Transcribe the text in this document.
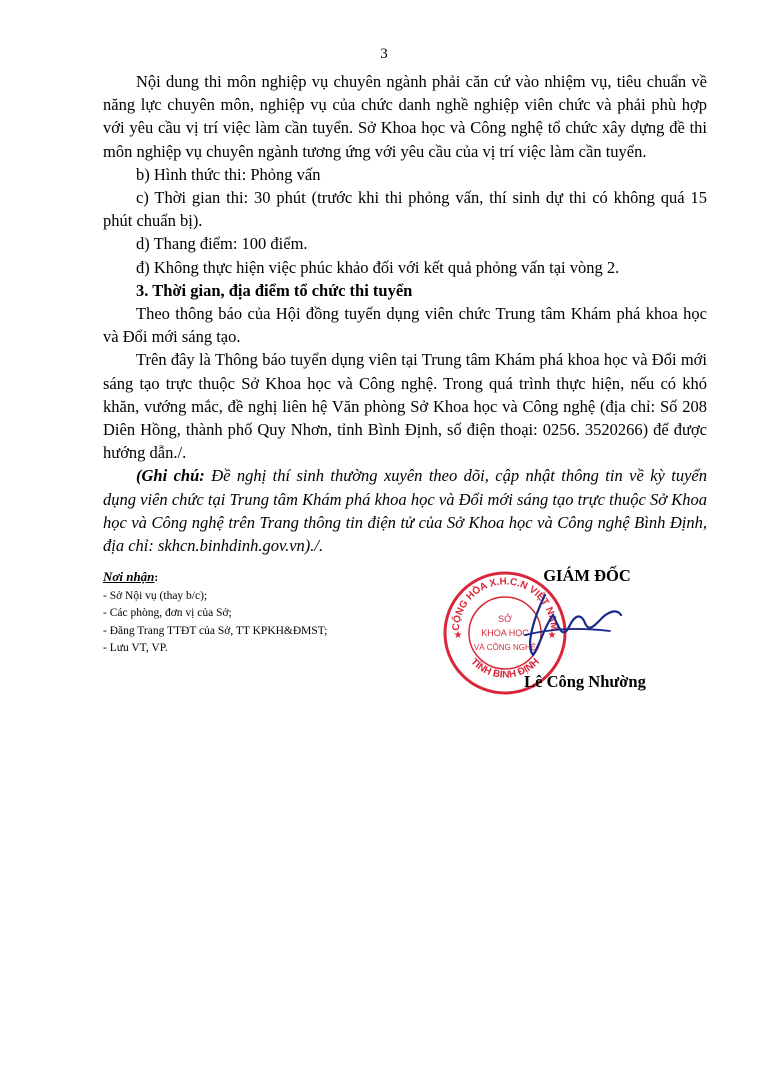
3

Nội dung thi môn nghiệp vụ chuyên ngành phải căn cứ vào nhiệm vụ, tiêu chuẩn về năng lực chuyên môn, nghiệp vụ của chức danh nghề nghiệp viên chức và phải phù hợp với yêu cầu vị trí việc làm cần tuyển. Sở Khoa học và Công nghệ tổ chức xây dựng đề thi môn nghiệp vụ chuyên ngành tương ứng với yêu cầu của vị trí việc làm cần tuyển.

b) Hình thức thi: Phỏng vấn

c) Thời gian thi: 30 phút (trước khi thi phỏng vấn, thí sinh dự thi có không quá 15 phút chuẩn bị).

d) Thang điểm: 100 điểm.

đ) Không thực hiện việc phúc khảo đối với kết quả phỏng vấn tại vòng 2.

3. Thời gian, địa điểm tổ chức thi tuyển

Theo thông báo của Hội đồng tuyển dụng viên chức Trung tâm Khám phá khoa học và Đổi mới sáng tạo.

Trên đây là Thông báo tuyển dụng viên tại Trung tâm Khám phá khoa học và Đổi mới sáng tạo trực thuộc Sở Khoa học và Công nghệ. Trong quá trình thực hiện, nếu có khó khăn, vướng mắc, đề nghị liên hệ Văn phòng Sở Khoa học và Công nghệ (địa chỉ: Số 208 Diên Hồng, thành phố Quy Nhơn, tỉnh Bình Định, số điện thoại: 0256. 3520266) để được hướng dẫn./.

(Ghi chú: Đề nghị thí sinh thường xuyên theo dõi, cập nhật thông tin về kỳ tuyển dụng viên chức tại Trung tâm Khám phá khoa học và Đổi mới sáng tạo trực thuộc Sở Khoa học và Công nghệ trên Trang thông tin điện tử của Sở Khoa học và Công nghệ Bình Định, địa chỉ: skhcn.binhdinh.gov.vn)./.

Nơi nhận:
- Sở Nội vụ (thay b/c);
- Các phòng, đơn vị của Sở;
- Đăng Trang TTĐT của Sở, TT KPKH&ĐMST;
- Lưu VT, VP.
GIÁM ĐỐC
CỘNG HÒA X.H.C.N VIỆT NAM
TỈNH BÌNH ĐỊNH
★	★
SỞ
KHOA HỌC
VÀ CÔNG NGHỆ
Lê Công Nhường
